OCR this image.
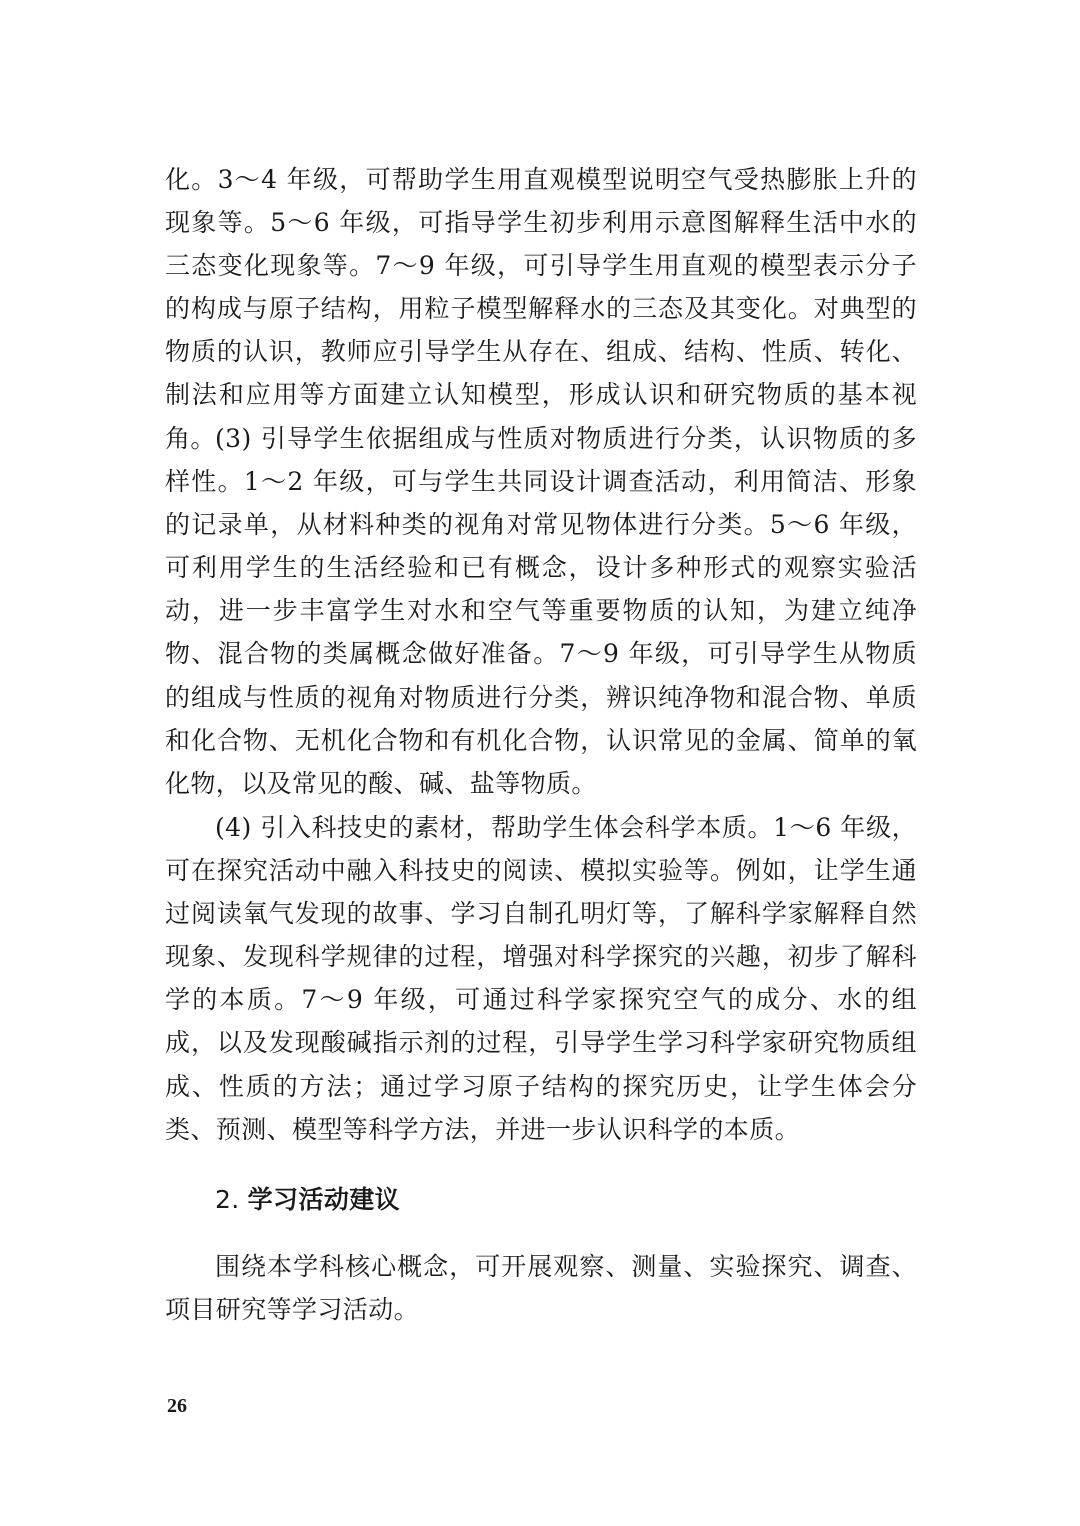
化。3～4 年级，可帮助学生用直观模型说明空气受热膨胀上升的现象等。5～6 年级，可指导学生初步利用示意图解释生活中水的三态变化现象等。7～9 年级，可引导学生用直观的模型表示分子的构成与原子结构，用粒子模型解释水的三态及其变化。对典型的物质的认识，教师应引导学生从存在、组成、结构、性质、转化、制法和应用等方面建立认知模型，形成认识和研究物质的基本视角。 (3) 引导学生依据组成与性质对物质进行分类，认识物质的多样性。1～2 年级，可与学生共同设计调查活动，利用简洁、形象的记录单，从材料种类的视角对常见物体进行分类。5～6 年级，可利用学生的生活经验和已有概念，设计多种形式的观察实验活动，进一步丰富学生对水和空气等重要物质的认知，为建立纯净物、混合物的类属概念做好准备。7～9 年级，可引导学生从物质的组成与性质的视角对物质进行分类，辨识纯净物和混合物、单质和化合物、无机化合物和有机化合物，认识常见的金属、简单的氧化物，以及常见的酸、碱、盐等物质。

(4) 引入科技史的素材，帮助学生体会科学本质。1～6 年级，可在探究活动中融入科技史的阅读、模拟实验等。例如，让学生通过阅读氧气发现的故事、学习自制孔明灯等，了解科学家解释自然现象、发现科学规律的过程，增强对科学探究的兴趣，初步了解科学的本质。7～9 年级，可通过科学家探究空气的成分、水的组成，以及发现酸碱指示剂的过程，引导学生学习科学家研究物质组成、性质的方法；通过学习原子结构的探究历史，让学生体会分类、预测、模型等科学方法，并进一步认识科学的本质。

2. 学习活动建议

围绕本学科核心概念，可开展观察、测量、实验探究、调查、项目研究等学习活动。

26
